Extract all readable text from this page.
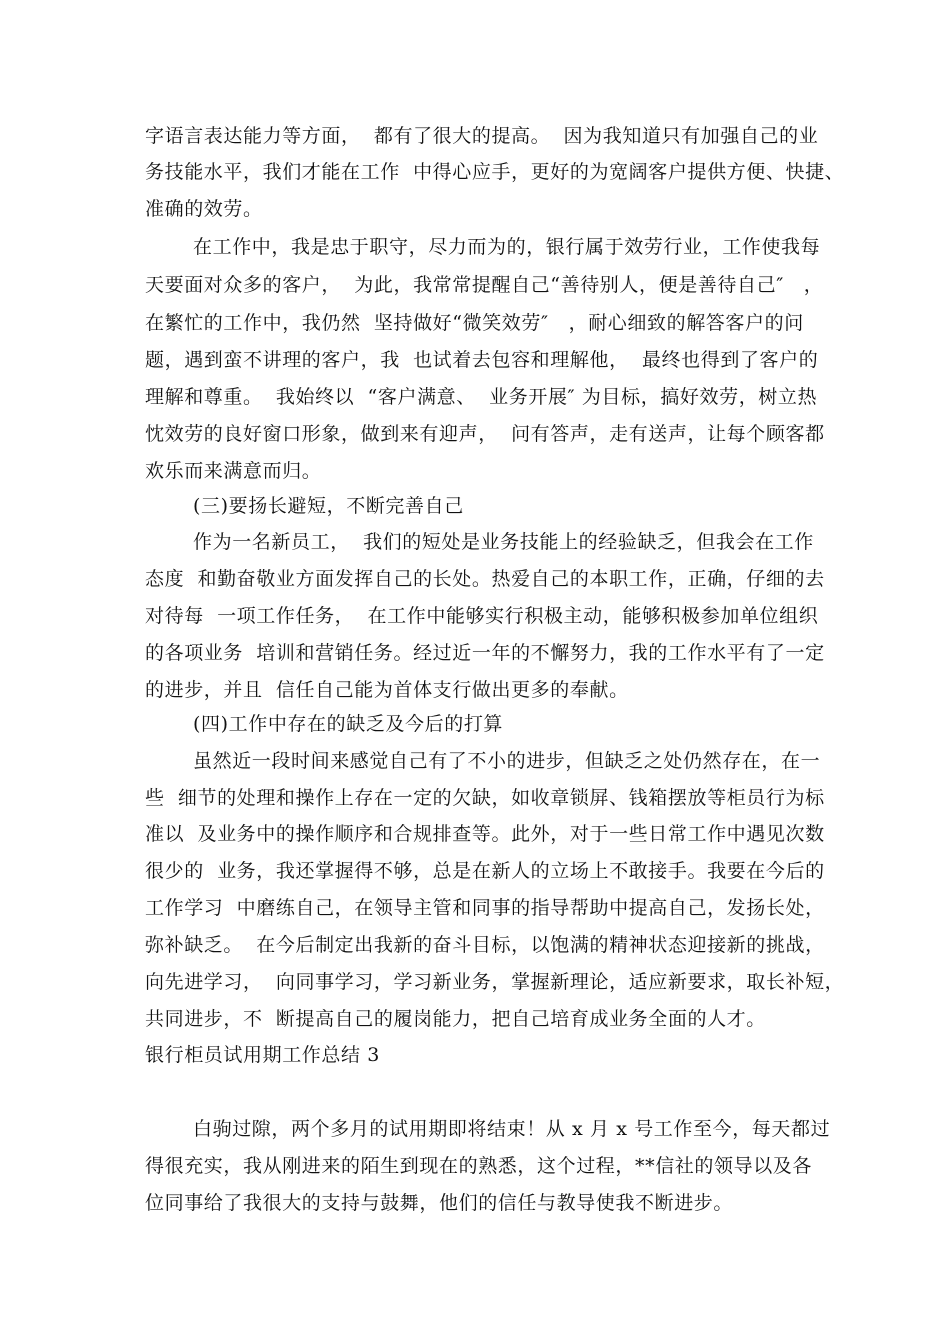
字语言表达能力等方面，  都有了很大的提高。  因为我知道只有加强自己的业
务技能水平，我们才能在工作  中得心应手，更好的为宽阔客户提供方便、快捷、
准确的效劳。
在工作中，我是忠于职守，尽力而为的，银行属于效劳行业，工作使我每
天要面对众多的客户，  为此，我常常提醒自己“善待别人，便是善待自己″   ，
在繁忙的工作中，我仍然  坚持做好“微笑效劳″   ，耐心细致的解答客户的问
题，遇到蛮不讲理的客户，我  也试着去包容和理解他，  最终也得到了客户的
理解和尊重。  我始终以  “客户满意、  业务开展″ 为目标，搞好效劳，树立热
忱效劳的良好窗口形象，做到来有迎声，  问有答声，走有送声，让每个顾客都
欢乐而来满意而归。
(三)要扬长避短，不断完善自己
作为一名新员工，  我们的短处是业务技能上的经验缺乏，但我会在工作
态度  和勤奋敬业方面发挥自己的长处。热爱自己的本职工作，正确，仔细的去
对待每  一项工作任务，  在工作中能够实行积极主动，能够积极参加单位组织
的各项业务  培训和营销任务。经过近一年的不懈努力，我的工作水平有了一定
的进步，并且  信任自己能为首体支行做出更多的奉献。
(四)工作中存在的缺乏及今后的打算
虽然近一段时间来感觉自己有了不小的进步，但缺乏之处仍然存在，在一
些  细节的处理和操作上存在一定的欠缺，如收章锁屏、钱箱摆放等柜员行为标
准以  及业务中的操作顺序和合规排查等。此外，对于一些日常工作中遇见次数
很少的  业务，我还掌握得不够，总是在新人的立场上不敢接手。我要在今后的
工作学习  中磨练自己，在领导主管和同事的指导帮助中提高自己，发扬长处，
弥补缺乏。  在今后制定出我新的奋斗目标，以饱满的精神状态迎接新的挑战，
向先进学习，  向同事学习，学习新业务，掌握新理论，适应新要求，取长补短，
共同进步，不  断提高自己的履岗能力，把自己培育成业务全面的人才。
银行柜员试用期工作总结 3
白驹过隙，两个多月的试用期即将结束！从 x 月 x 号工作至今，每天都过
得很充实，我从刚进来的陌生到现在的熟悉，这个过程，**信社的领导以及各
位同事给了我很大的支持与鼓舞，他们的信任与教导使我不断进步。
